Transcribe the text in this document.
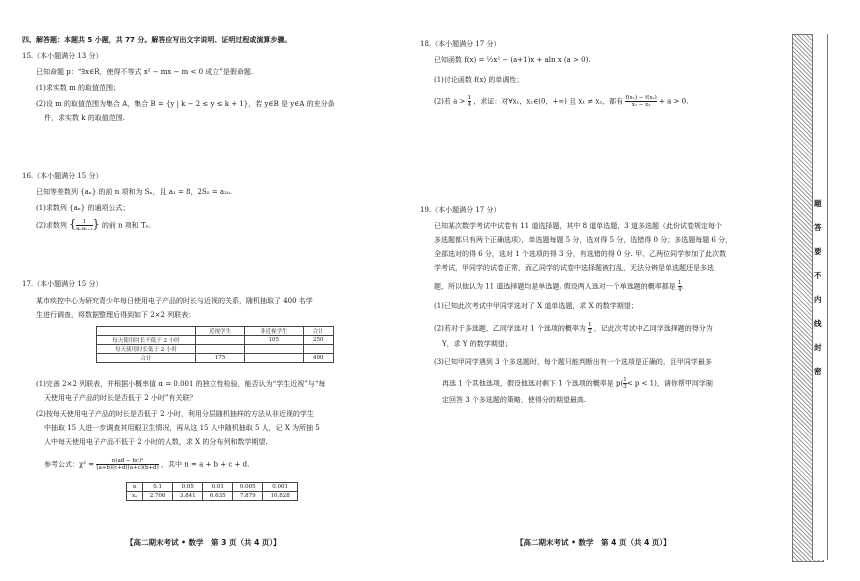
四、解答题：本题共 5 小题，共 77 分。解答应写出文字说明、证明过程或演算步骤。
15.（本小题满分 13 分）
已知命题 p：“∃x∈R，使得不等式 x² − mx − m < 0 成立”是假命题.
(1)求实数 m 的取值范围；
(2)设 m 的取值范围为集合 A，集合 B = {y | k − 2 ≤ y ≤ k + 1}，若 y∈B 是 y∈A 的充分条
件，求实数 k 的取值范围.
16.（本小题满分 15 分）
已知等差数列 {aₙ} 的前 n 项和为 Sₙ，且 a₁ = 8，2S₅ = a₂₀.
(1)求数列 {aₙ} 的通项公式；
(2)求数列 { $\frac{1}{\text{aₙaₙ₊₁}}$ } 的前 n 项和 Tₙ.
17.（本小题满分 15 分）
某市疾控中心为研究青少年每日使用电子产品的时长与近视的关系，随机抽取了 400 名学
生进行调查，将数据整理后得到如下 2×2 列联表：
	近视学生	非近视学生	合计
每天使用时长不低于 2 小时		105	250
每天使用时长低于 2 小时			
合计	175		400
(1)完善 2×2 列联表，并根据小概率值 α = 0.001 的独立性检验，能否认为“学生近视”与“每
天使用电子产品的时长是否低于 2 小时”有关联？
(2)按每天使用电子产品的时长是否低于 2 小时，利用分层随机抽样的方法从非近视的学生
中抽取 15 人进一步调查其用眼卫生情况，再从这 15 人中随机抽取 5 人，记 X 为所抽 5
人中每天使用电子产品不低于 2 小时的人数，求 X 的分布列和数学期望.
参考公式：$\chi^2 = \frac{\text{n(ad − bc)²}}{(a+b)(c+d)(a+c)(b+d)}$ ，其中 n = a + b + c + d.
α	0.1	0.05	0.01	0.005	0.001
xₐ	2.706	3.841	6.635	7.879	10.828
【高二期末考试 • 数学　第 3 页（共 4 页）】
18.（本小题满分 17 分）
已知函数 f(x) = ½x² − (a+1)x + aln x (a > 0).
(1)讨论函数 f(x) 的单调性；
(2)若 $a > \frac{1}{4}$ ，求证：对∀x₁，x₂∈(0，+∞) 且 x₁ ≠ x₂，都有 $\frac{\text{f(x₁) − f(x₂)}}{\text{x₁ − x₂}} + a > 0$.
19.（本小题满分 17 分）
已知某次数学考试中试卷有 11 道选择题，其中 8 道单选题，3 道多选题（此份试卷规定每个
多选题都只有两个正确选项），单选题每题 5 分，选对得 5 分，选错得 0 分；多选题每题 6 分，
全部选对的得 6 分，选对 1 个选项的得 3 分，有选错的得 0 分. 甲、乙两位同学参加了此次数
学考试，甲同学的试卷正常，而乙同学的试卷中选择题被打乱，无法分辨是单选题还是多选
题，所以他认为 11 道选择题均是单选题. 假设两人选对一个单选题的概率都是 $\frac{1}{4}$ .
(1)已知此次考试中甲同学选对了 X 道单选题，求 X 的数学期望；
(2)若对于多选题，乙同学选对 1 个选项的概率为 $\frac{1}{2}$ ，记此次考试中乙同学选择题的得分为
Y，求 Y 的数学期望；
(3)已知甲同学遇到 3 个多选题时，每个题只能判断出有一个选项是正确的，且甲同学最多
再选 1 个其他选项，假设他选对剩下 1 个选项的概率是 $p( \frac{1}{3} < p < 1)$，请你帮甲同学制
定回答 3 个多选题的策略，使得分的期望最高.
【高二期末考试 • 数学　第 4 页（共 4 页）】
题
答
要
不
内
线
封
密
